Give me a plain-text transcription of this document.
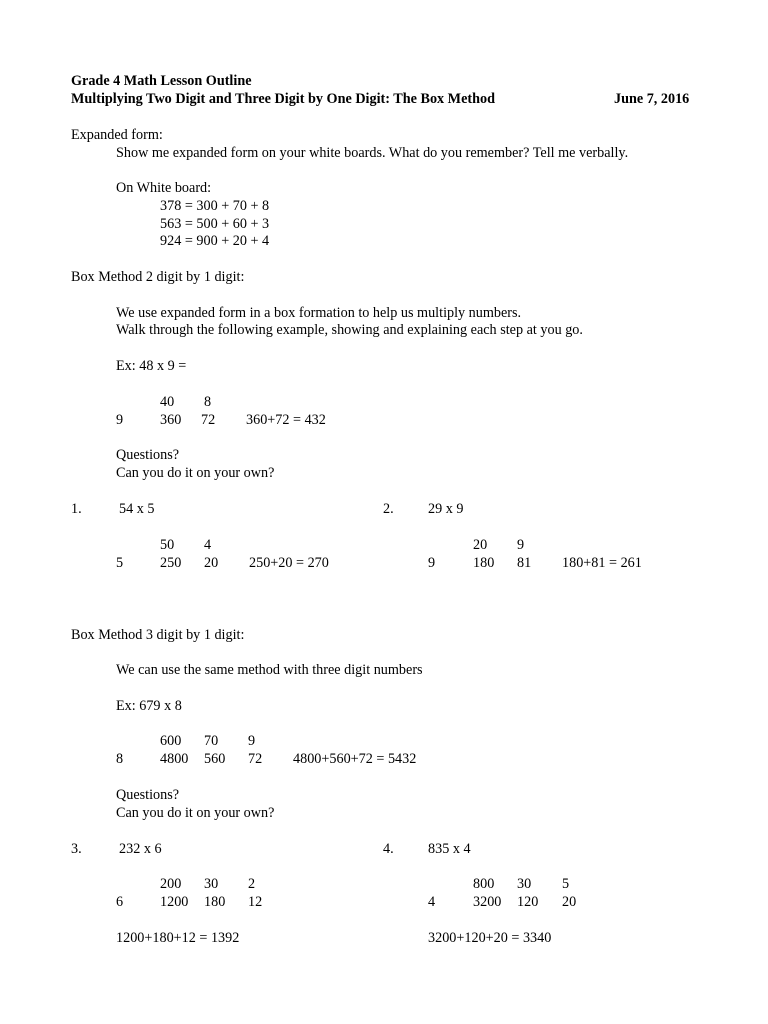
Grade 4 Math Lesson Outline
Multiplying Two Digit and Three Digit by One Digit: The Box Method	June 7, 2016
Expanded form:
Show me expanded form on your white boards. What do you remember? Tell me verbally.
On White board:
378 = 300 + 70 + 8
563 = 500 + 60 + 3
924 = 900 + 20 + 4
Box Method 2 digit by 1 digit:
We use expanded form in a box formation to help us multiply numbers.
Walk through the following example, showing and explaining each step at you go.
Ex: 48 x 9 =
40 8
9	360 72 360+72 = 432
Questions?
Can you do it on your own?
1.	54 x 5
50 4
5	250 20 250+20 = 270
2. 29 x 9
20 9
9	180 81 180+81 = 261
Box Method 3 digit by 1 digit:
We can use the same method with three digit numbers
Ex: 679 x 8
600 70 9
8	4800 560 72 4800+560+72 = 5432
Questions?
Can you do it on your own?
3.	232 x 6
200 30 2
6	1200 180 12
1200+180+12 = 1392
4. 835 x 4
800 30 5
4	3200 120 20
3200+120+20 = 3340
